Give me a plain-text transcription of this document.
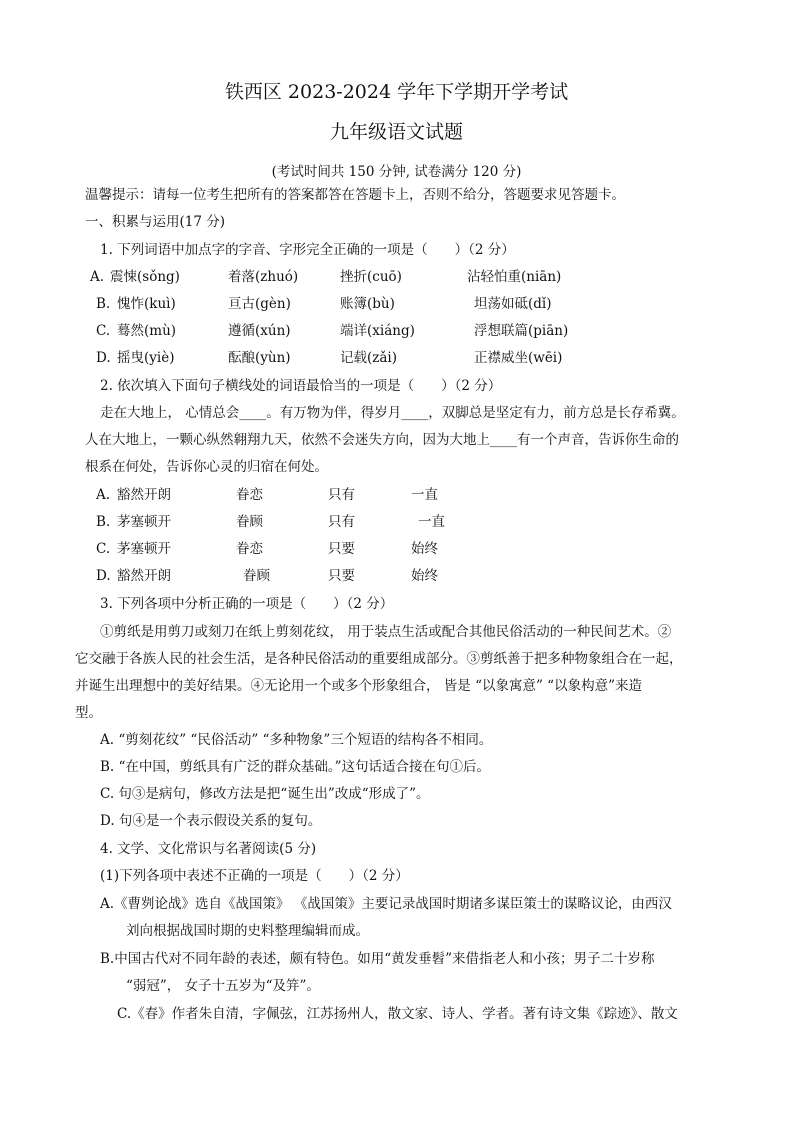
铁西区 2023-2024 学年下学期开学考试
九年级语文试题
(考试时间共 150 分钟, 试卷满分 120 分)
温馨提示：请每一位考生把所有的答案都答在答题卡上，否则不给分，答题要求见答题卡。
一、积累与运用(17 分)
1. 下列词语中加点字的字音、字形完全正确的一项是（　　）（2 分）
A. 震悚(sǒng)	着落(zhuó)	挫折(cuō)	沾轻怕重(niān)
B. 愧怍(kuì)	亘古(gèn)	账簿(bù)	坦荡如砥(dǐ)
C. 蓦然(mù)	遵循(xún)	端详(xiáng)	浮想联篇(piān)
D. 摇曳(yiè)	酝酿(yùn)	记载(zǎi)	正襟威坐(wēi)
2. 依次填入下面句子横线处的词语最恰当的一项是（　　）（2 分）
走在大地上， 心情总会____。有万物为伴，得岁月____，双脚总是坚定有力，前方总是长存希冀。
人在大地上，一颗心纵然翱翔九天，依然不会迷失方向，因为大地上____有一个声音，告诉你生命的
根系在何处，告诉你心灵的归宿在何处。
A. 豁然开朗	眷恋	只有	一直
B. 茅塞顿开	眷顾	只有	一直
C. 茅塞顿开	眷恋	只要	始终
D. 豁然开朗	眷顾	只要	始终
3. 下列各项中分析正确的一项是（　　）（2 分）
①剪纸是用剪刀或刻刀在纸上剪刻花纹， 用于装点生活或配合其他民俗活动的一种民间艺术。②
它交融于各族人民的社会生活，是各种民俗活动的重要组成部分。③剪纸善于把多种物象组合在一起，
并诞生出理想中的美好结果。④无论用一个或多个形象组合， 皆是 “以象寓意” “以象构意”来造
型。
A. “剪刻花纹” “民俗活动” “多种物象”三个短语的结构各不相同。
B. “在中国，剪纸具有广泛的群众基础。”这句话适合接在句①后。
C. 句③是病句，修改方法是把“诞生出”改成“形成了”。
D. 句④是一个表示假设关系的复句。
4. 文学、文化常识与名著阅读(5 分)
(1)下列各项中表述不正确的一项是（　　）（2 分）
A.《曹刿论战》选自《战国策》 《战国策》主要记录战国时期诸多谋臣策士的谋略议论，由西汉
刘向根据战国时期的史料整理编辑而成。
B.中国古代对不同年龄的表述，颇有特色。如用“黄发垂髫”来借指老人和小孩；男子二十岁称
“弱冠”， 女子十五岁为“及笄”。
C.《春》作者朱自清，字佩弦，江苏扬州人，散文家、诗人、学者。著有诗文集《踪迹》、散文
